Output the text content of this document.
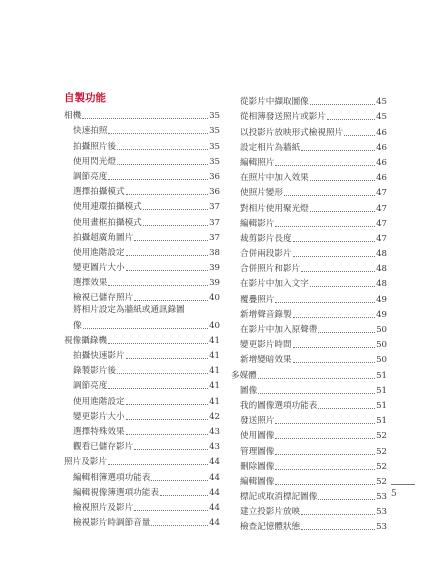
自製功能
相機	35
快速拍照	35
拍攝照片後	35
使用閃光燈	35
調節亮度	36
選擇拍攝模式	36
使用連環拍攝模式	37
使用畫框拍攝模式	37
拍攝超廣角圖片	37
使用進階設定	38
變更圖片大小	39
選擇效果	39
檢視已儲存照片	40
將相片設定為牆紙或通訊錄圖
像	40
視像攝錄機	41
拍攝快速影片	41
錄製影片後	41
調節亮度	41
使用進階設定	41
變更影片大小	42
選擇特殊效果	43
觀看已儲存影片	43
照片及影片	44
編輯相簿選項功能表	44
編輯視像簿選項功能表	44
檢視照片及影片	44
檢視影片時調節音量	44
從影片中擷取圖像	45
從相簿發送照片或影片	45
以投影片放映形式檢視照片	46
設定相片為牆紙	46
編輯照片	46
在照片中加入效果	46
使照片變形	47
對相片使用聚光燈	47
編輯影片	47
裁剪影片長度	47
合併兩段影片	48
合併照片和影片	48
在影片中加入文字	48
覆疊照片	49
新增聲音錄製	49
在影片中加入原聲帶	50
變更影片時間	50
新增變暗效果	50
多媒體	51
圖像	51
我的圖像選項功能表	51
發送照片	51
使用圖像	52
管理圖像	52
刪除圖像	52
編輯圖像	52
標記或取消標記圖像	53
建立投影片放映	53
檢查記憶體狀態	53
5
